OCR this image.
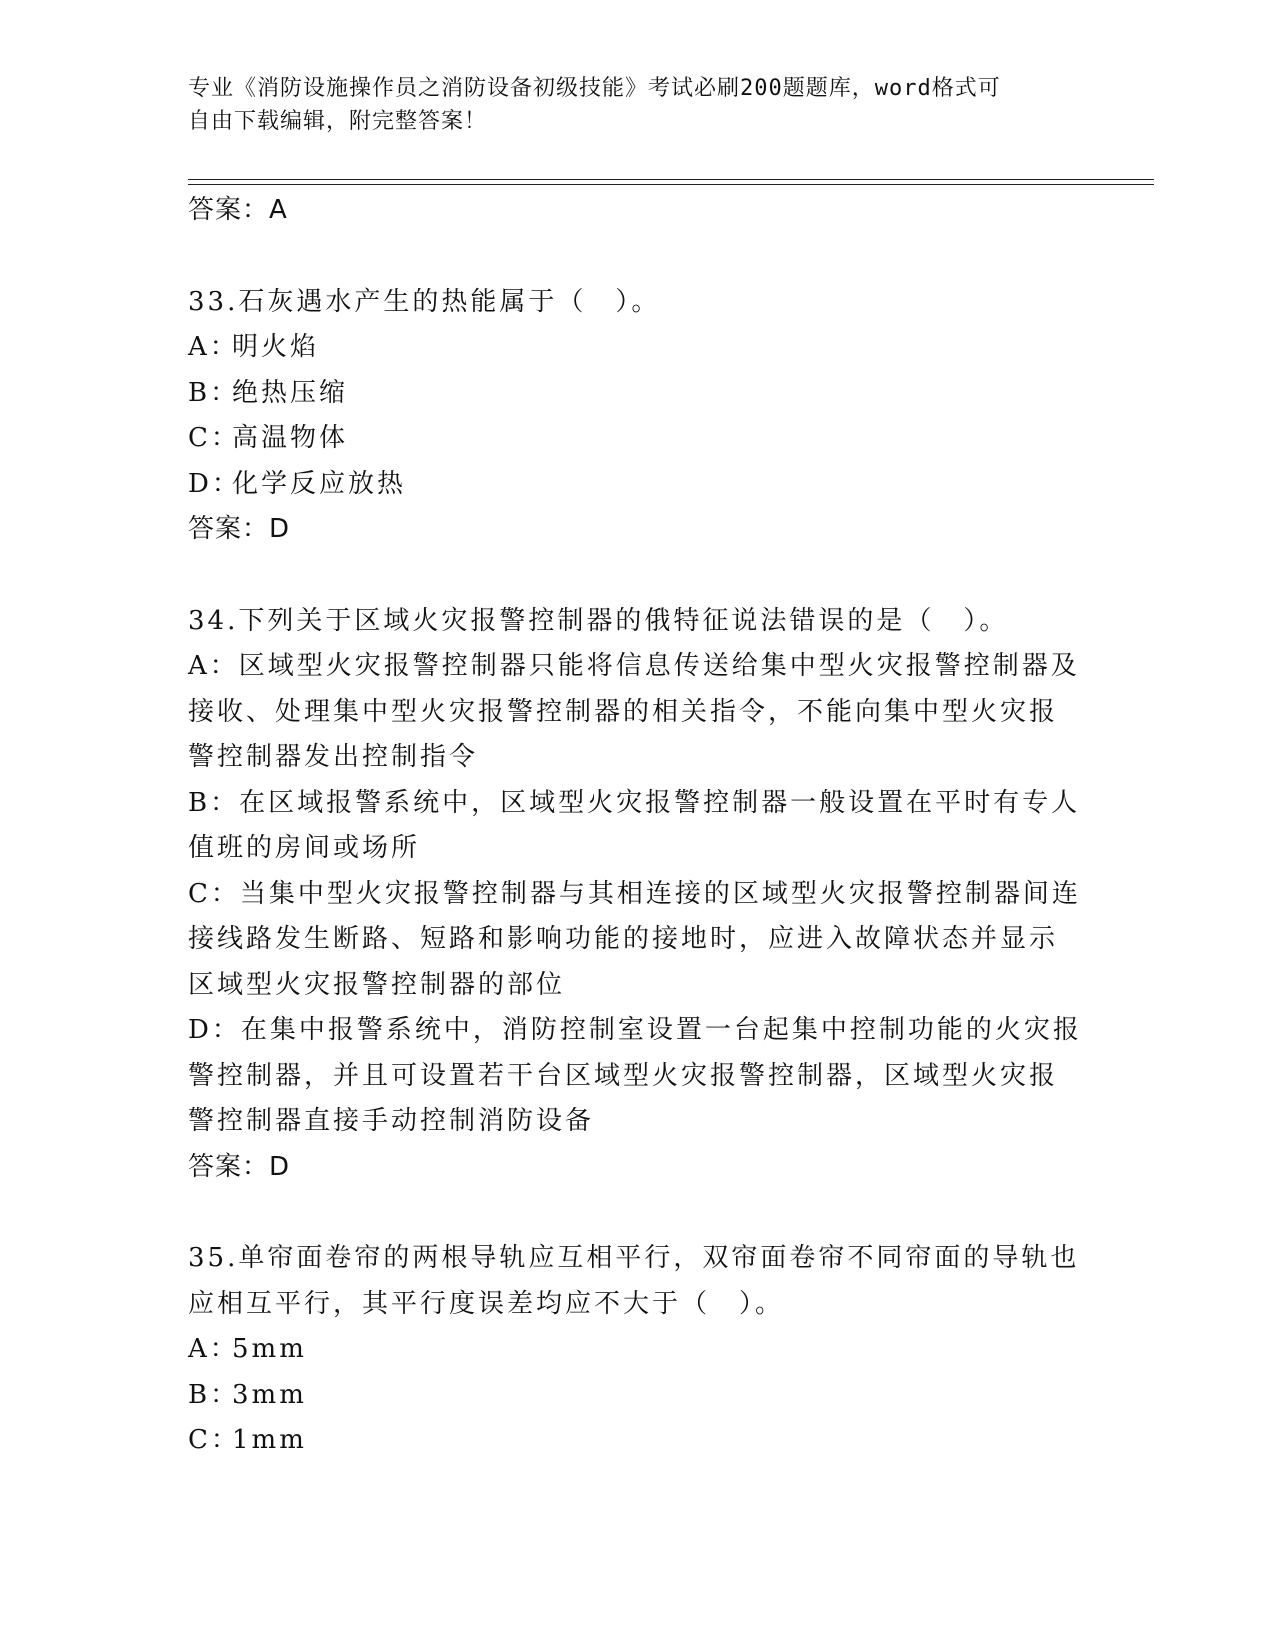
专业《消防设施操作员之消防设备初级技能》考试必刷200题题库，word格式可
自由下载编辑，附完整答案！
答案：A
33.石灰遇水产生的热能属于（　）。
A：明火焰
B：绝热压缩
C：高温物体
D：化学反应放热
答案：D
34.下列关于区域火灾报警控制器的俄特征说法错误的是（　）。
A：区域型火灾报警控制器只能将信息传送给集中型火灾报警控制器及
接收、处理集中型火灾报警控制器的相关指令，不能向集中型火灾报
警控制器发出控制指令
B：在区域报警系统中，区域型火灾报警控制器一般设置在平时有专人
值班的房间或场所
C：当集中型火灾报警控制器与其相连接的区域型火灾报警控制器间连
接线路发生断路、短路和影响功能的接地时，应进入故障状态并显示
区域型火灾报警控制器的部位
D：在集中报警系统中，消防控制室设置一台起集中控制功能的火灾报
警控制器，并且可设置若干台区域型火灾报警控制器，区域型火灾报
警控制器直接手动控制消防设备
答案：D
35.单帘面卷帘的两根导轨应互相平行，双帘面卷帘不同帘面的导轨也
应相互平行，其平行度误差均应不大于（　）。
A：5mm
B：3mm
C：1mm
